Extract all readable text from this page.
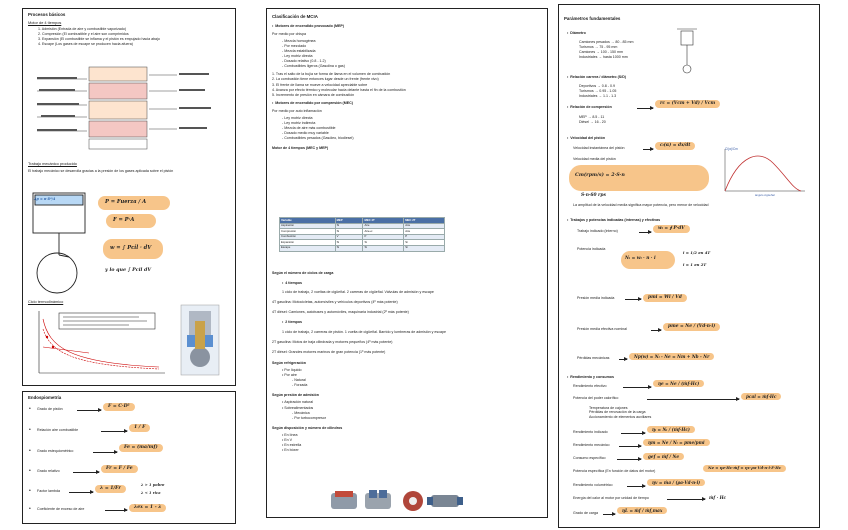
Procesos básicos
Motor de 4 tiempos
1. Admisión (Entrada de aire y combustible vaporizado)
2. Compresión (El combustible y el aire son comprimidos
3. Expansión (El combustible se inflama y el pistón es empujado hacia abajo
4. Escape (Los gases de escape se producen hacia afuera)
Trabajo mecánico producido
El trabajo mecánico se desarrolla gracias a la presión de los gases aplicada sobre el pistón
Ap = π·D²/4	P = Fuerza / A
F = P·A
w = ∫ Pcil · dV
y lo que ∫ Pcil dV
Ciclo termodinámico
Endospiometría
• Grado de pistón	F = C·D²
• Relación aire combustible	1 / F
• Grado estequiométrico
Fe = (ma/mf)
• Grado relativo	Fr = F / Fe
• Factor lambda	λ = 1/Fr
λ > 1 pobre
λ < 1 rica
• Coeficiente de exceso de aire	λex = 1 - λ
Clasificación de MCIA
•  Motores de encendido provocado (MEP)
Por medio por chispa
- Mezcla homogénea
- Por mezclado
- Mezcla estabilizada
- Ley motriz directa
- Dosado relativo (0.8 - 1.2)
- Combustibles ligeros (Gasolina o gas)
1. Tras el salto de la bujía se forma de llama en el volumen de combustión
2. La combustión tiene entonces lugar desde un frente (frente vivo)
3. El frente de llama se mueve a velocidad apreciable sobre
4. Avanza por efecto térmico y molecular hacia delante hasta el fin de la combustión
5. Incremento de presión en cámara de combustión
•  Motores de encendido por compresión (MEC)
Por medio por auto inflamación
- Ley motriz directa
- Ley motriz indirecta
- Mezcla de aire más combustible
- Dosado medio muy variable
- Combustibles pesados (Gasóleo, biodiesel)
Motor de 4 tiempos (MEC y MEP)
Variable	MEP	MEC 4T	MEC 2T
Aspiración	Si	Aire	Aire
Compresión	Si	Aire+c	Aire
Combustión	V	P	P
Expansión	Si	Si	Si
Escape	Si	Si	Si
Según el número de ciclos de carga
•  4 tiempos
1 ciclo de trabajo, 2 vueltas de cigüeñal. 2 carreras de cigüeñal. Válvulas de admisión y escape
4T gasolina: Motocicletas, automóviles y vehículos deportivos (4º más potente)
4T diésel: Camiones, autobuses y automóviles, maquinaria industrial (2º más potente)
•  2 tiempos
1 ciclo de trabajo, 2 carreras de pistón. 1 vuelta de cigüeñal. Barrido y lumbreras de admisión y escape
2T gasolina: Motos de baja cilindrada y motores pequeños (4º más potente)
2T diésel: Grandes motores marinos de gran potencia (1º más potente)
Según refrigeración
• Por líquido
• Por aire
- Natural
- Forzada
Según presión de admisión
• Aspiración natural
• Sobrealimentados
- Mecánica
- Por turbocompresor
Según disposición y número de cilindros
• En línea
• En V
• En estrella
• En bóxer
Parámetros fundamentales
•  Diámetro
Camiones pesados → 80 - 85 mm
Turismos → 75 - 95 mm
Camiones → 100 - 150 mm
Industriales → hasta 1000 mm
•  Relación carrera / diámetro (S/D)
Deportivos → 0.8 - 0.9
Turismos → 0.95 - 1.05
Industriales → 1.1 - 1.3
•  Relación de compresión
rc = (Vcm + Vd) / Vcm
MEP → 8.5 - 11
Diésel → 16 - 20
•  Velocidad del pistón
Velocidad instantánea del pistón	cᵢ(α) = dx/dt
Velocidad media del pistón
Cm(rpm/s) = 2·S·n
S·n·60 rps
La amplitud de la velocidad media significa mayor potencia, pero menor de velocidad
Ci(α)/Cm
ángulo cigüeñal
•  Trabajos y potencias indicadas (internas) y efectivas
Trabajo indicado (interno)	wᵢ = ∮ P·dV
Potencia indicada
Nᵢ = wᵢ · n · i
i = 1/2 en 4T
i = 1 en 2T
Presión media indicada	pmi = Wi / Vd
Presión media efectiva nominal	pme = Ne / (Vd·n·i)
Pérdidas mecánicas	Np(w) = Nᵢ - Ne = Nm + Nb - Nr
•  Rendimiento y consumos
Rendimiento efectivo	ηe = Ne / (ṁf·Hc)
Potencia del poder calorífico	ṗcal = ṁf·Hc
Temperatura de cajones
Pérdidas de renovación de la carga
Accionamiento de elementos auxiliares
Rendimiento indicado	ηᵢ = Nᵢ / (ṁf·Hc)
Rendimiento mecánico	ηm = Ne / Nᵢ = pme/pmi
Consumo específico	gef = ṁf / Ne
Potencia específica (En función de datos del motor)
Ne = ηe·Hc·ṁf = ηv·ρa·Vd·n·i·F·Hc
Rendimiento volumétrico	ηv = ṁa / (ρa·Vd·n·i)
Energía del calor al motor por unidad de tiempo	ṁf · Hc
Grado de carga	ηL = ṁf / ṁf,max
